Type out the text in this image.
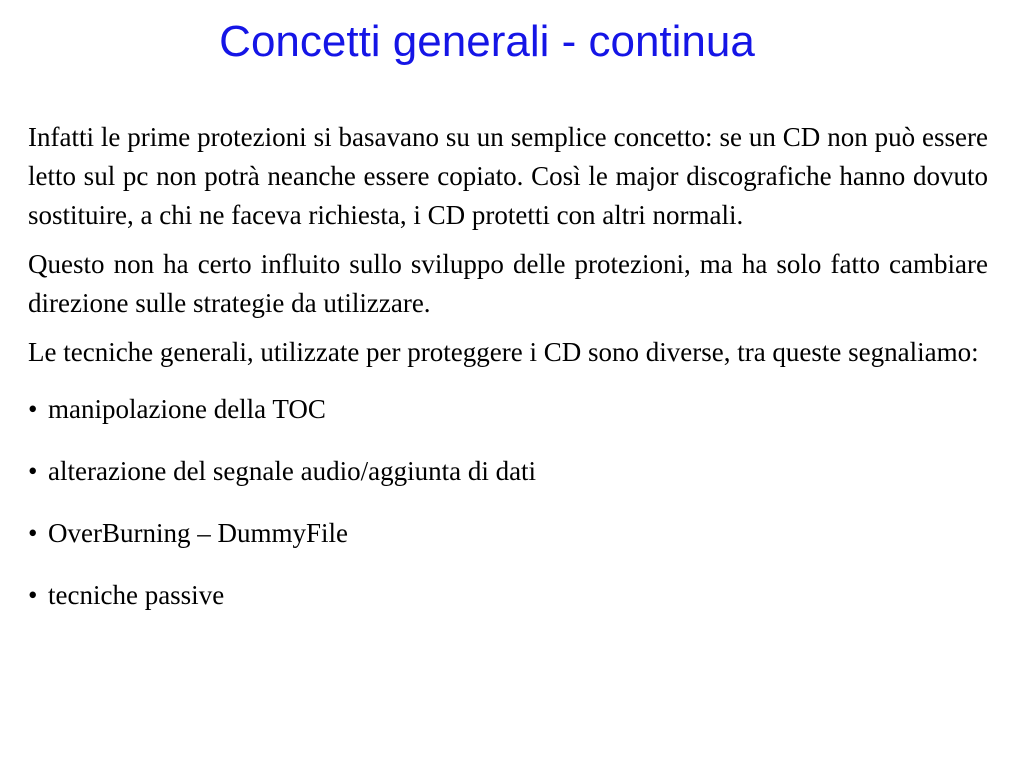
Concetti generali - continua

Infatti le prime protezioni si basavano su un semplice concetto: se un CD non può essere letto sul pc non potrà neanche essere copiato. Così le major discografiche hanno dovuto sostituire, a chi ne faceva richiesta, i CD protetti con altri normali.

Questo non ha certo influito sullo sviluppo delle protezioni, ma ha solo fatto cambiare direzione sulle strategie da utilizzare.

Le tecniche generali, utilizzate per proteggere i CD sono diverse, tra queste segnaliamo:

• manipolazione della TOC
• alterazione del segnale audio/aggiunta di dati
• OverBurning – DummyFile
• tecniche passive
